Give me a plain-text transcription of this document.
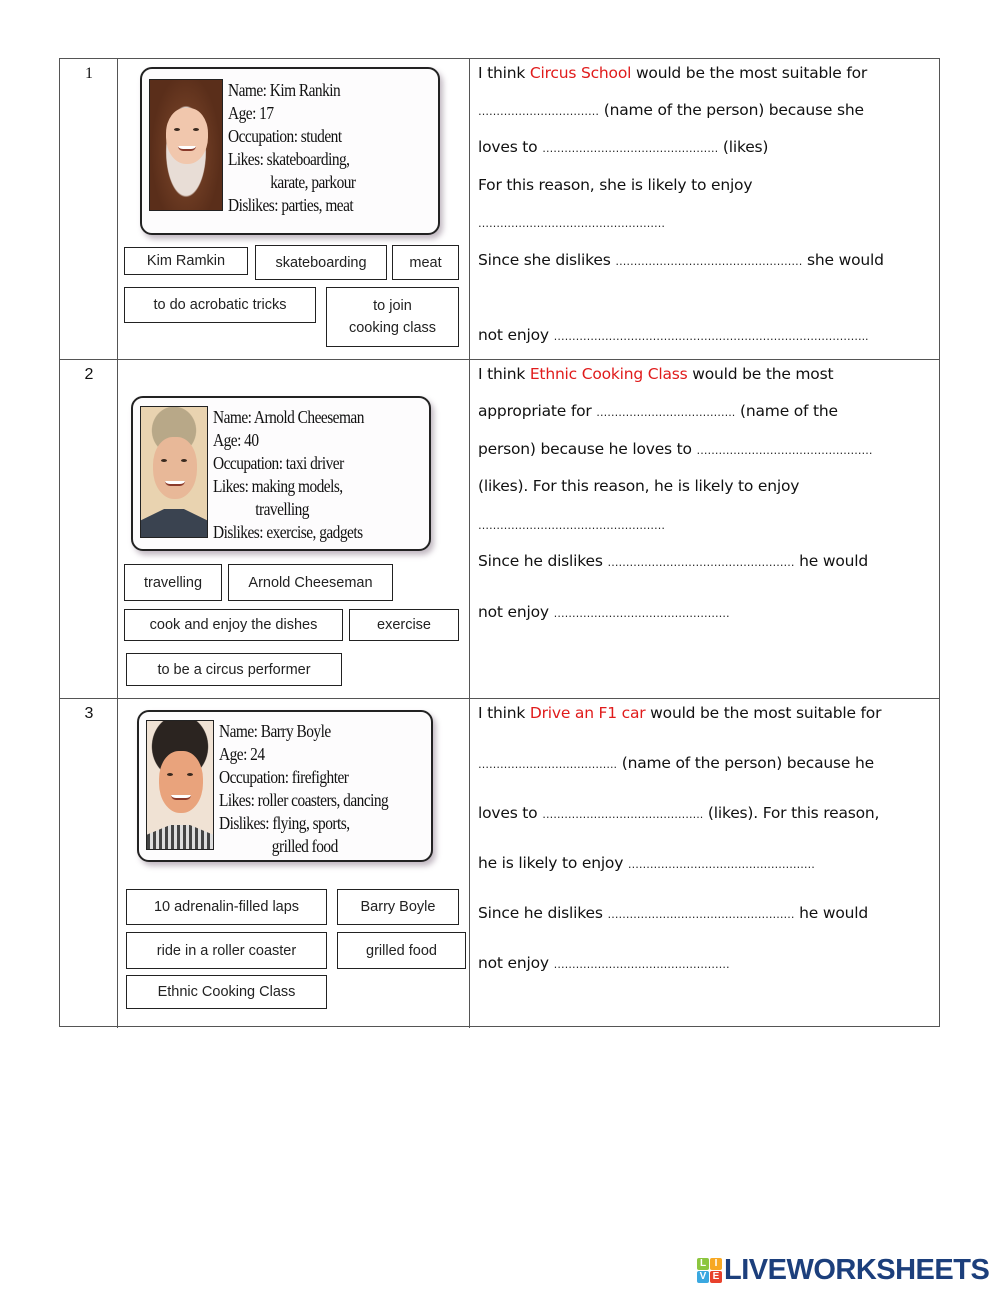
1
Name: Kim Rankin
Age: 17
Occupation: student
Likes: skateboarding,

karate, parkour
Dislikes: parties, meat
Kim Ramkin	skateboarding	meat
to do acrobatic tricks	to join cooking class
I think Circus School would be the most suitable for
…………………………… (name of the person) because she
loves to ………………………………………… (likes)
For this reason, she is likely to enjoy
……………………………………………
Since she dislikes …………………………………………… she would
not enjoy …………………………………………………………………………..
2
Name: Arnold Cheeseman
Age: 40
Occupation: taxi driver
Likes: making models,

travelling
Dislikes: exercise, gadgets
travelling	Arnold Cheeseman
cook and enjoy the dishes	exercise
to be a circus performer
I think Ethnic Cooking Class would be the most
appropriate for ……………………………….. (name of the
person) because he loves to …………………………………………
(likes). For this reason, he is likely to enjoy
……………………………………………
Since he dislikes …………………………………………… he would
not enjoy …………………………………………
3
Name: Barry Boyle
Age: 24
Occupation: firefighter
Likes: roller coasters, dancing
Dislikes: flying, sports,

grilled food
10 adrenalin-filled laps	Barry Boyle
ride in a roller coaster	grilled food
Ethnic Cooking Class
I think Drive an F1 car would be the most suitable for
……………………………….. (name of the person) because he
loves to …………………………………….. (likes). For this reason,
he is likely to enjoy ……………………………………………
Since he dislikes …………………………………………… he would
not enjoy …………………………………………
L I
V E LIVEWORKSHEETS
